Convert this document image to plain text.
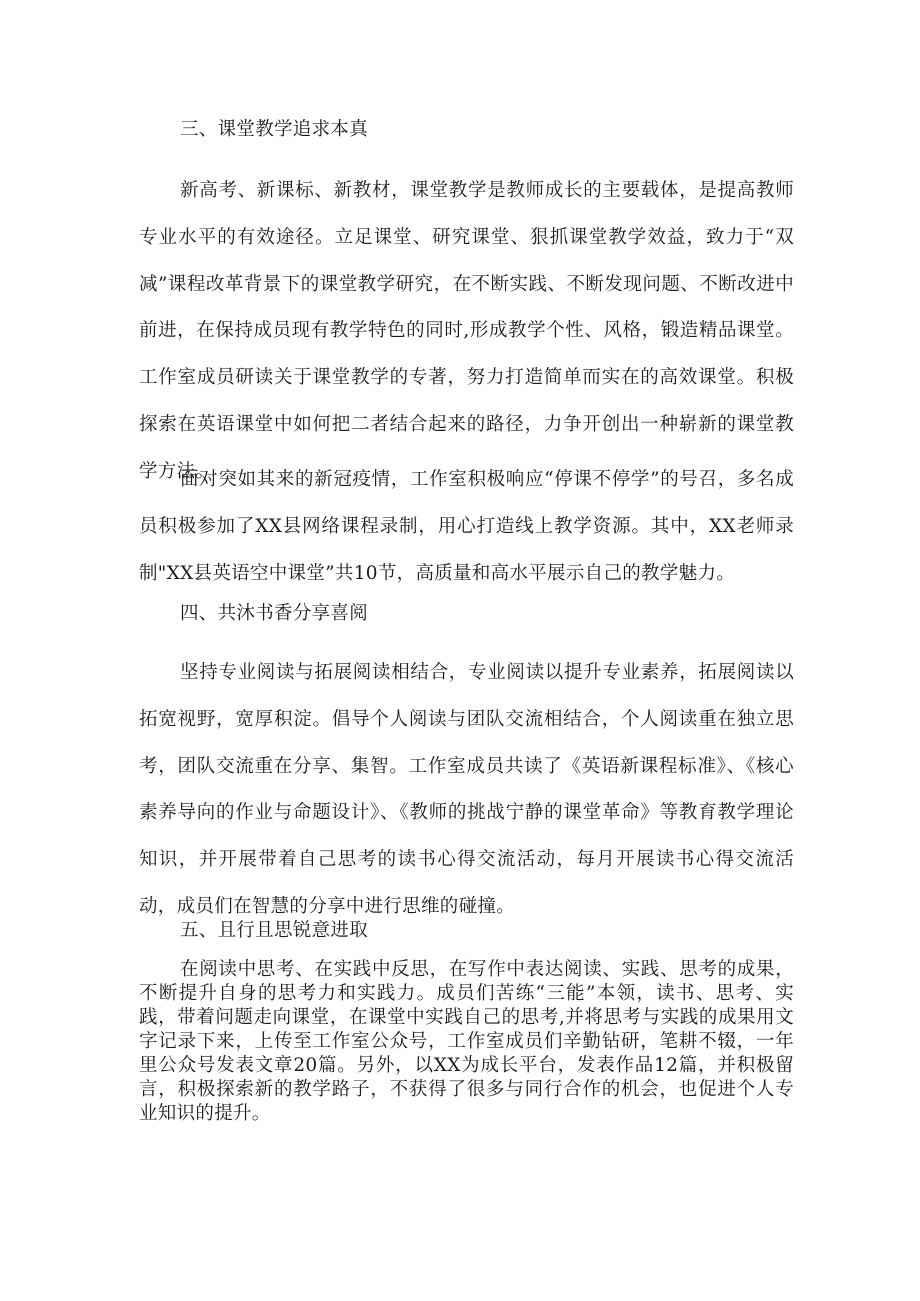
三、课堂教学追求本真

新高考、新课标、新教材，课堂教学是教师成长的主要载体，是提高教师专业水平的有效途径。立足课堂、研究课堂、狠抓课堂教学效益，致力于“双减”课程改革背景下的课堂教学研究，在不断实践、不断发现问题、不断改进中前进，在保持成员现有教学特色的同时,形成教学个性、风格，锻造精品课堂。工作室成员研读关于课堂教学的专著，努力打造简单而实在的高效课堂。积极探索在英语课堂中如何把二者结合起来的路径，力争开创出一种崭新的课堂教学方法。

面对突如其来的新冠疫情，工作室积极响应“停课不停学”的号召，多名成员积极参加了XX县网络课程录制，用心打造线上教学资源。其中，XX老师录制"XX县英语空中课堂”共10节，高质量和高水平展示自己的教学魅力。

四、共沐书香分享喜阅

坚持专业阅读与拓展阅读相结合，专业阅读以提升专业素养，拓展阅读以拓宽视野，宽厚积淀。倡导个人阅读与团队交流相结合，个人阅读重在独立思考，团队交流重在分享、集智。工作室成员共读了《英语新课程标准》、《核心素养导向的作业与命题设计》、《教师的挑战宁静的课堂革命》等教育教学理论知识，并开展带着自己思考的读书心得交流活动，每月开展读书心得交流活动，成员们在智慧的分享中进行思维的碰撞。

五、且行且思锐意进取

在阅读中思考、在实践中反思，在写作中表达阅读、实践、思考的成果，不断提升自身的思考力和实践力。成员们苦练“三能”本领，读书、思考、实践，带着问题走向课堂，在课堂中实践自己的思考,并将思考与实践的成果用文字记录下来，上传至工作室公众号，工作室成员们辛勤钻研，笔耕不辍，一年里公众号发表文章20篇。另外，以XX为成长平台，发表作品12篇，并积极留言，积极探索新的教学路子，不获得了很多与同行合作的机会，也促进个人专业知识的提升。
